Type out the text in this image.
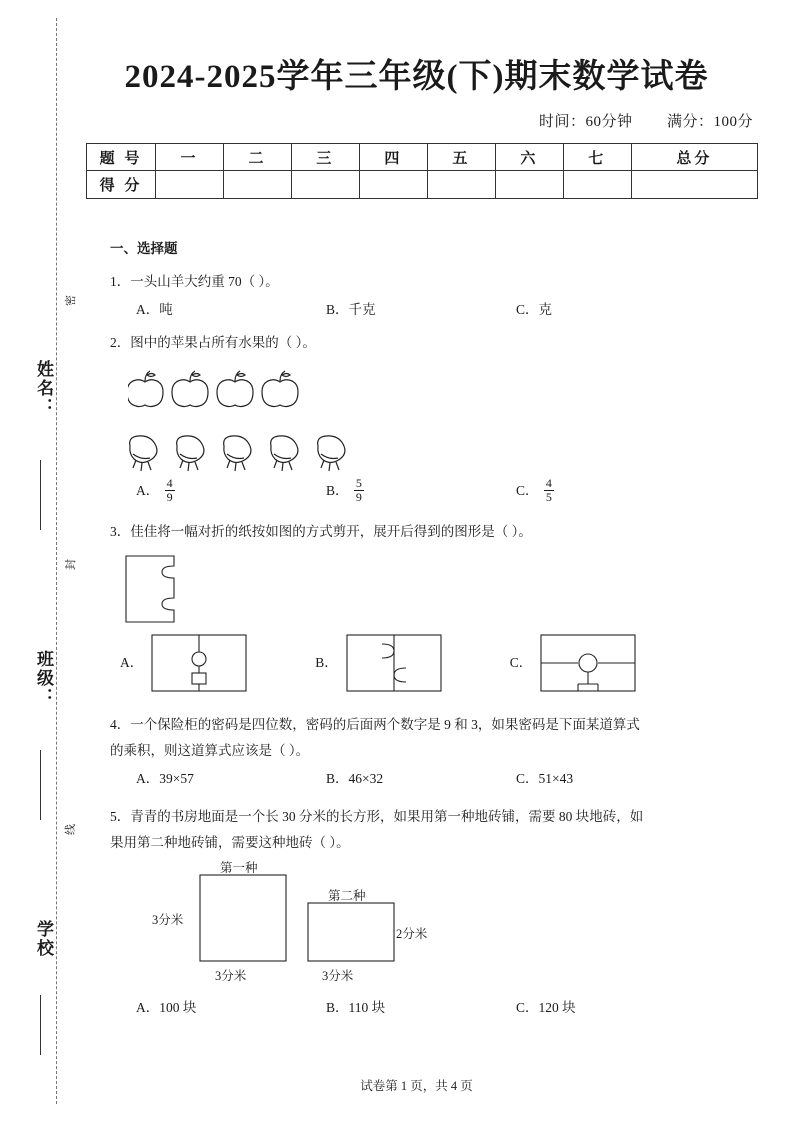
姓名：
班级：
学校
密
封
线
2024-2025学年三年级(下)期末数学试卷
时间：60分钟 满分：100分
题 号	一	二	三	四	五	六	七	总分
得 分								
一、选择题
1．一头山羊大约重 70（ ）。
A．吨	B．千克	C．克
2．图中的苹果占所有水果的（ ）。
A． $\frac{4}{9}$	B． $\frac{5}{9}$	C． $\frac{4}{5}$
3．佳佳将一幅对折的纸按如图的方式剪开，展开后得到的图形是（ ）。
A．	B．	C．
4．一个保险柜的密码是四位数，密码的后面两个数字是 9 和 3，如果密码是下面某道算式
的乘积，则这道算式应该是（ ）。
A．39×57	B．46×32	C．51×43
5．青青的书房地面是一个长 30 分米的长方形，如果用第一种地砖铺，需要 80 块地砖，如
果用第二种地砖铺，需要这种地砖（ ）。
第一种
第二种
3分米
3分米
2分米
3分米
A．100 块	B．110 块	C．120 块
试卷第 1 页，共 4 页
